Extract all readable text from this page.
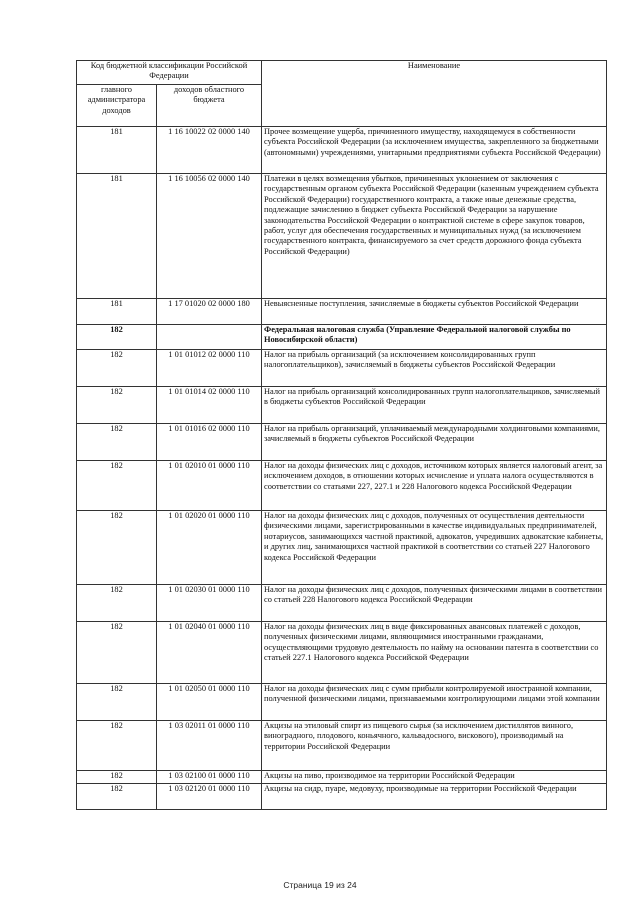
Код бюджетной классификации Российской Федерации		Наименование
главного администратора доходов	доходов областного бюджета	
181	1 16 10022 02 0000 140	Прочее возмещение ущерба, причиненного имуществу, находящемуся в собственности субъекта Российской Федерации (за исключением имущества, закрепленного за бюджетными (автономными) учреждениями, унитарными предприятиями субъекта Российской Федерации)
181	1 16 10056 02 0000 140	Платежи в целях возмещения убытков, причиненных уклонением от заключения с государственным органом субъекта Российской Федерации (казенным учреждением субъекта Российской Федерации) государственного контракта, а также иные денежные средства, подлежащие зачислению в бюджет субъекта Российской Федерации за нарушение законодательства Российской Федерации о контрактной системе в сфере закупок товаров, работ, услуг для обеспечения государственных и муниципальных нужд (за исключением государственного контракта, финансируемого за счет средств дорожного фонда субъекта Российской Федерации)
181	1 17 01020 02 0000 180	Невыясненные поступления, зачисляемые в бюджеты субъектов Российской Федерации
182		Федеральная налоговая служба (Управление Федеральной налоговой службы по Новосибирской области)
182	1 01 01012 02 0000 110	Налог на прибыль организаций (за исключением консолидированных групп налогоплательщиков), зачисляемый в бюджеты субъектов Российской Федерации
182	1 01 01014 02 0000 110	Налог на прибыль организаций консолидированных групп налогоплательщиков, зачисляемый в бюджеты субъектов Российской Федерации
182	1 01 01016 02 0000 110	Налог на прибыль организаций, уплачиваемый международными холдинговыми компаниями, зачисляемый в бюджеты субъектов Российской Федерации
182	1 01 02010 01 0000 110	Налог на доходы физических лиц с доходов, источником которых является налоговый агент, за исключением доходов, в отношении которых исчисление и уплата налога осуществляются в соответствии со статьями 227, 227.1 и 228 Налогового кодекса Российской Федерации
182	1 01 02020 01 0000 110	Налог на доходы физических лиц с доходов, полученных от осуществления деятельности физическими лицами, зарегистрированными в качестве индивидуальных предпринимателей, нотариусов, занимающихся частной практикой, адвокатов, учредивших адвокатские кабинеты, и других лиц, занимающихся частной практикой в соответствии со статьей 227 Налогового кодекса Российской Федерации
182	1 01 02030 01 0000 110	Налог на доходы физических лиц с доходов, полученных физическими лицами в соответствии со статьей 228 Налогового кодекса Российской Федерации
182	1 01 02040 01 0000 110	Налог на доходы физических лиц в виде фиксированных авансовых платежей с доходов, полученных физическими лицами, являющимися иностранными гражданами, осуществляющими трудовую деятельность по найму на основании патента в соответствии со статьей 227.1 Налогового кодекса Российской Федерации
182	1 01 02050 01 0000 110	Налог на доходы физических лиц с сумм прибыли контролируемой иностранной компании, полученной физическими лицами, признаваемыми контролирующими лицами этой компании
182	1 03 02011 01 0000 110	Акцизы на этиловый спирт из пищевого сырья (за исключением дистиллятов винного, виноградного, плодового, коньячного, кальвадосного, вискового), производимый на территории Российской Федерации
182	1 03 02100 01 0000 110	Акцизы на пиво, производимое на территории Российской Федерации
182	1 03 02120 01 0000 110	Акцизы на сидр, пуаре, медовуху, производимые на территории Российской Федерации
Страница 19 из 24
